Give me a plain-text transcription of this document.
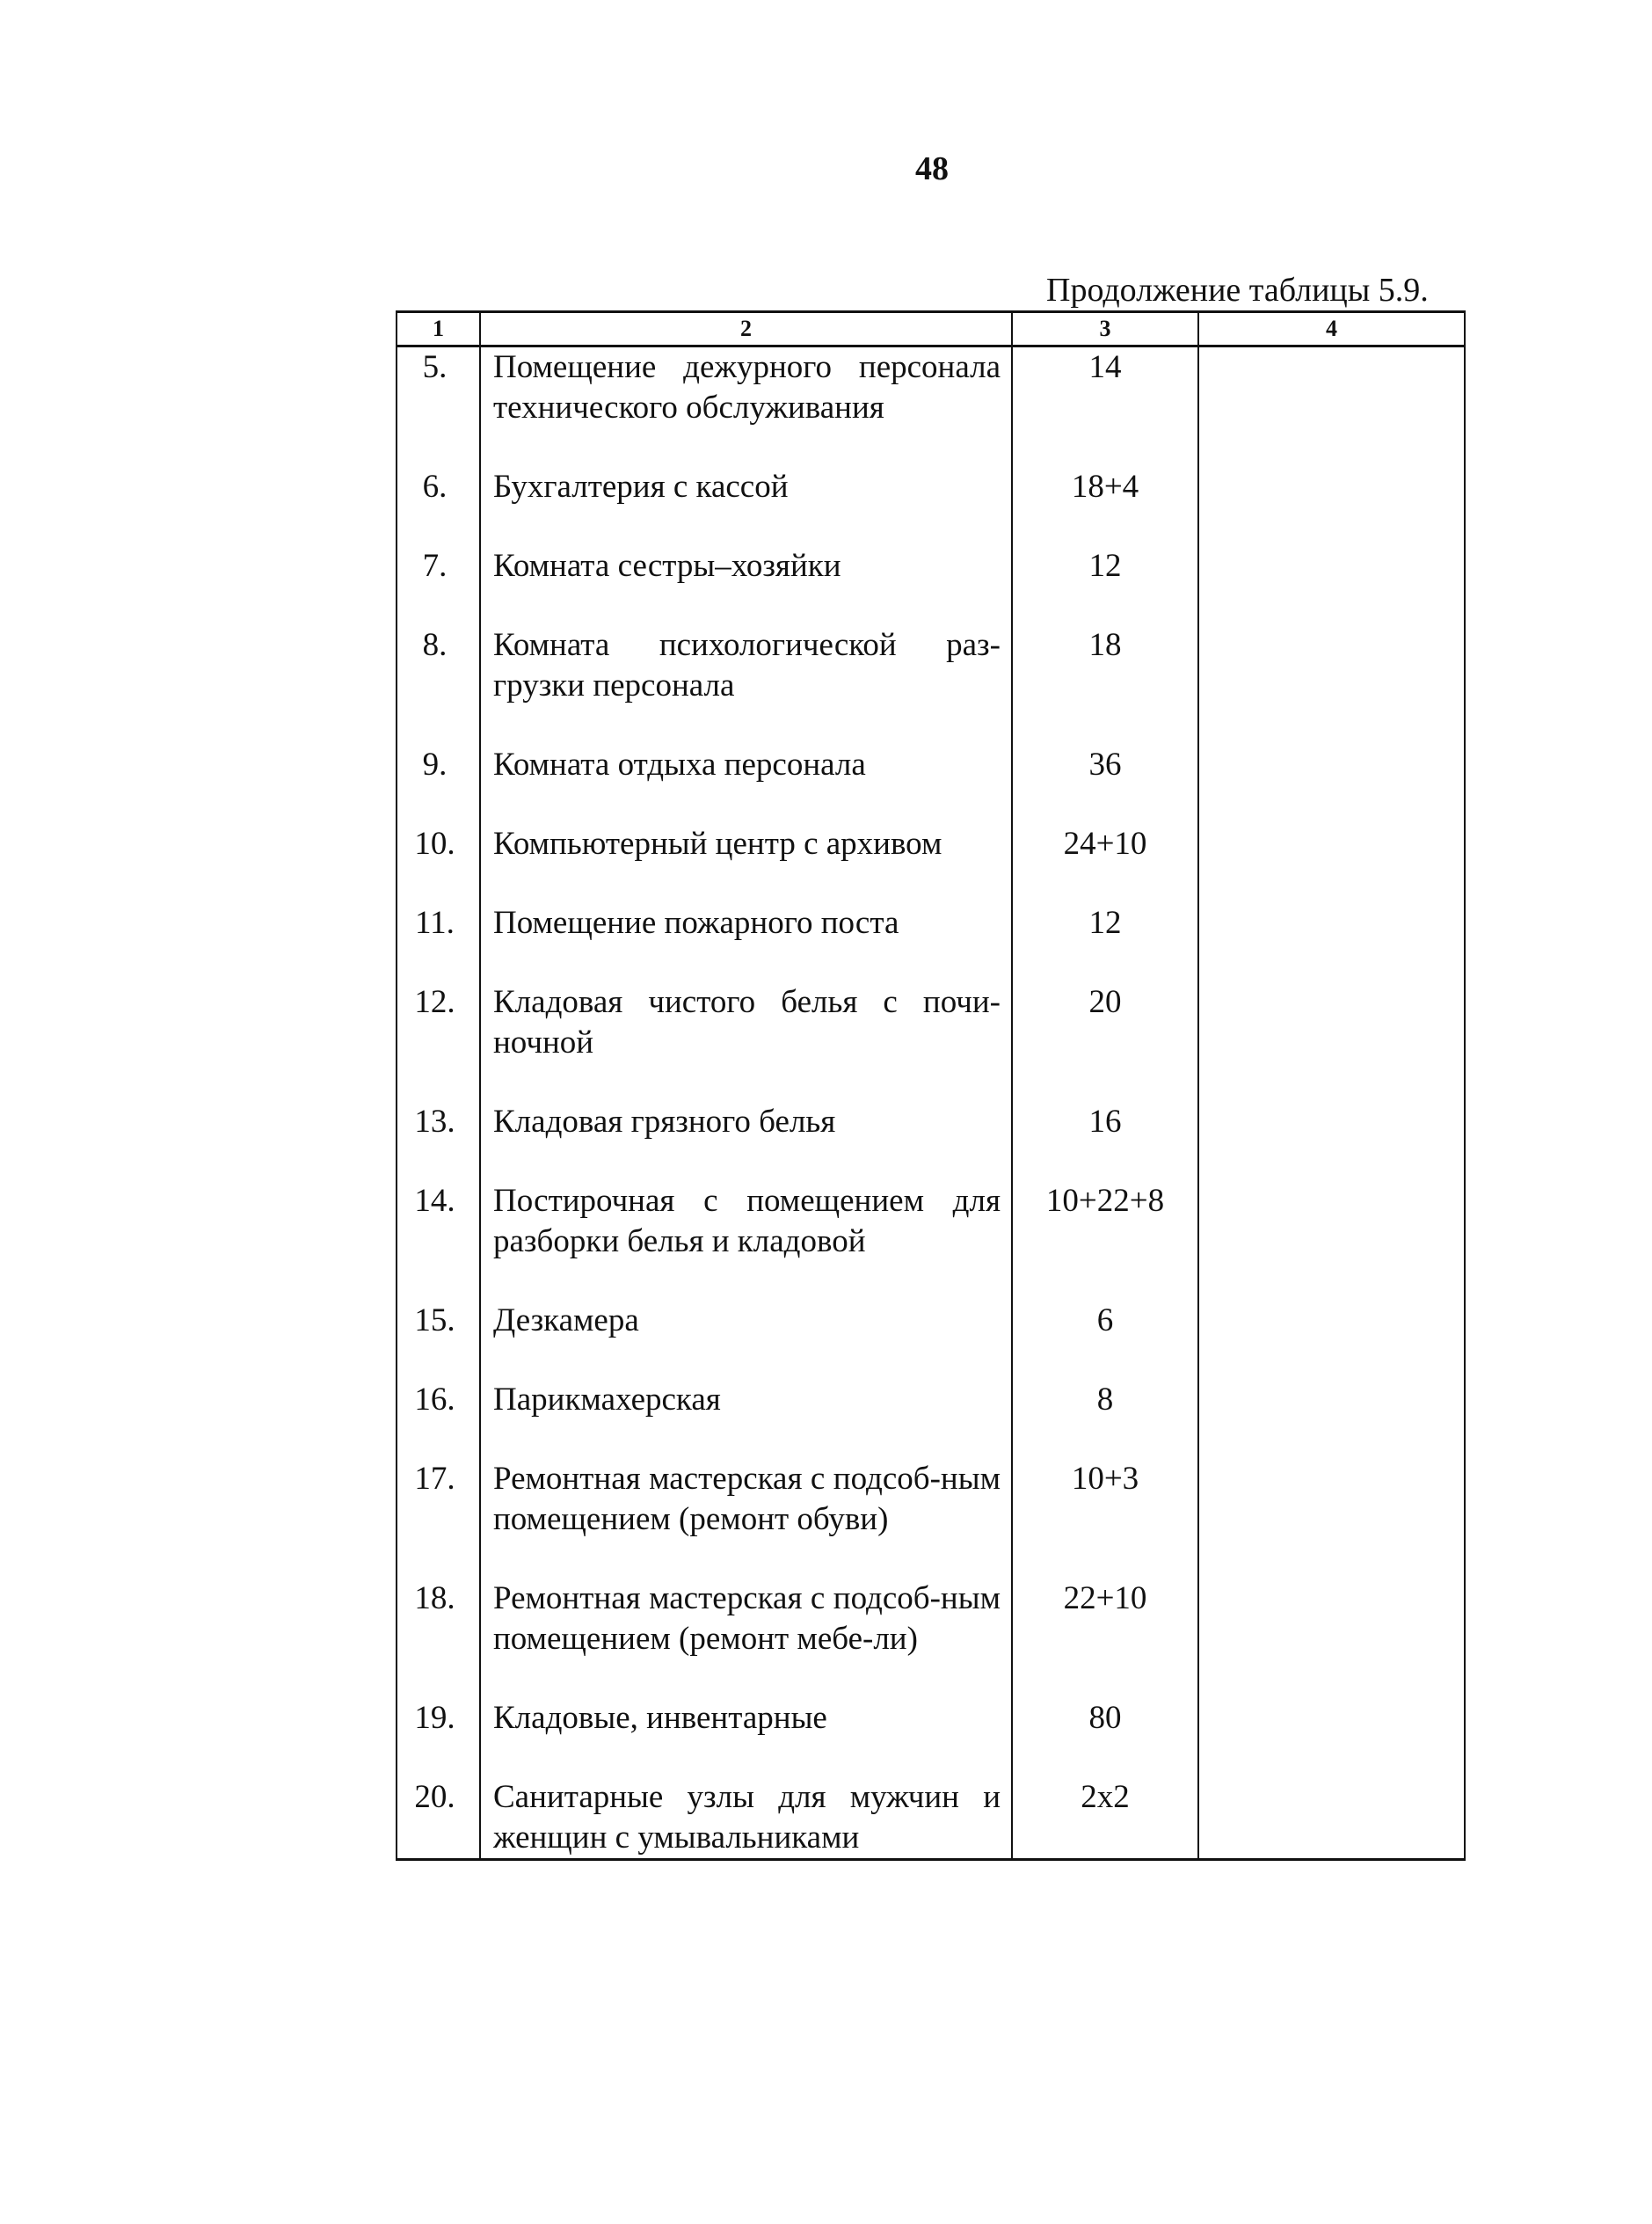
48
Продолжение таблицы 5.9.
1	2	3	4
5.	Помещение дежурного персонала технического обслуживания	14	
6.	Бухгалтерия с кассой	18+4	
7.	Комната сестры–хозяйки	12	
8.	Комната психологической раз-грузки персонала	18	
9.	Комната отдыха персонала	36	
10.	Компьютерный центр с архивом	24+10	
11.	Помещение пожарного поста	12	
12.	Кладовая чистого белья с почи-ночной	20	
13.	Кладовая грязного белья	16	
14.	Постирочная с помещением для разборки белья и кладовой	10+22+8	
15.	Дезкамера	6	
16.	Парикмахерская	8	
17.	Ремонтная мастерская с подсоб-ным помещением (ремонт обуви)	10+3	
18.	Ремонтная мастерская с подсоб-ным помещением (ремонт мебе-ли)	22+10	
19.	Кладовые, инвентарные	80	
20.	Санитарные узлы для мужчин и женщин с умывальниками	2x2	
